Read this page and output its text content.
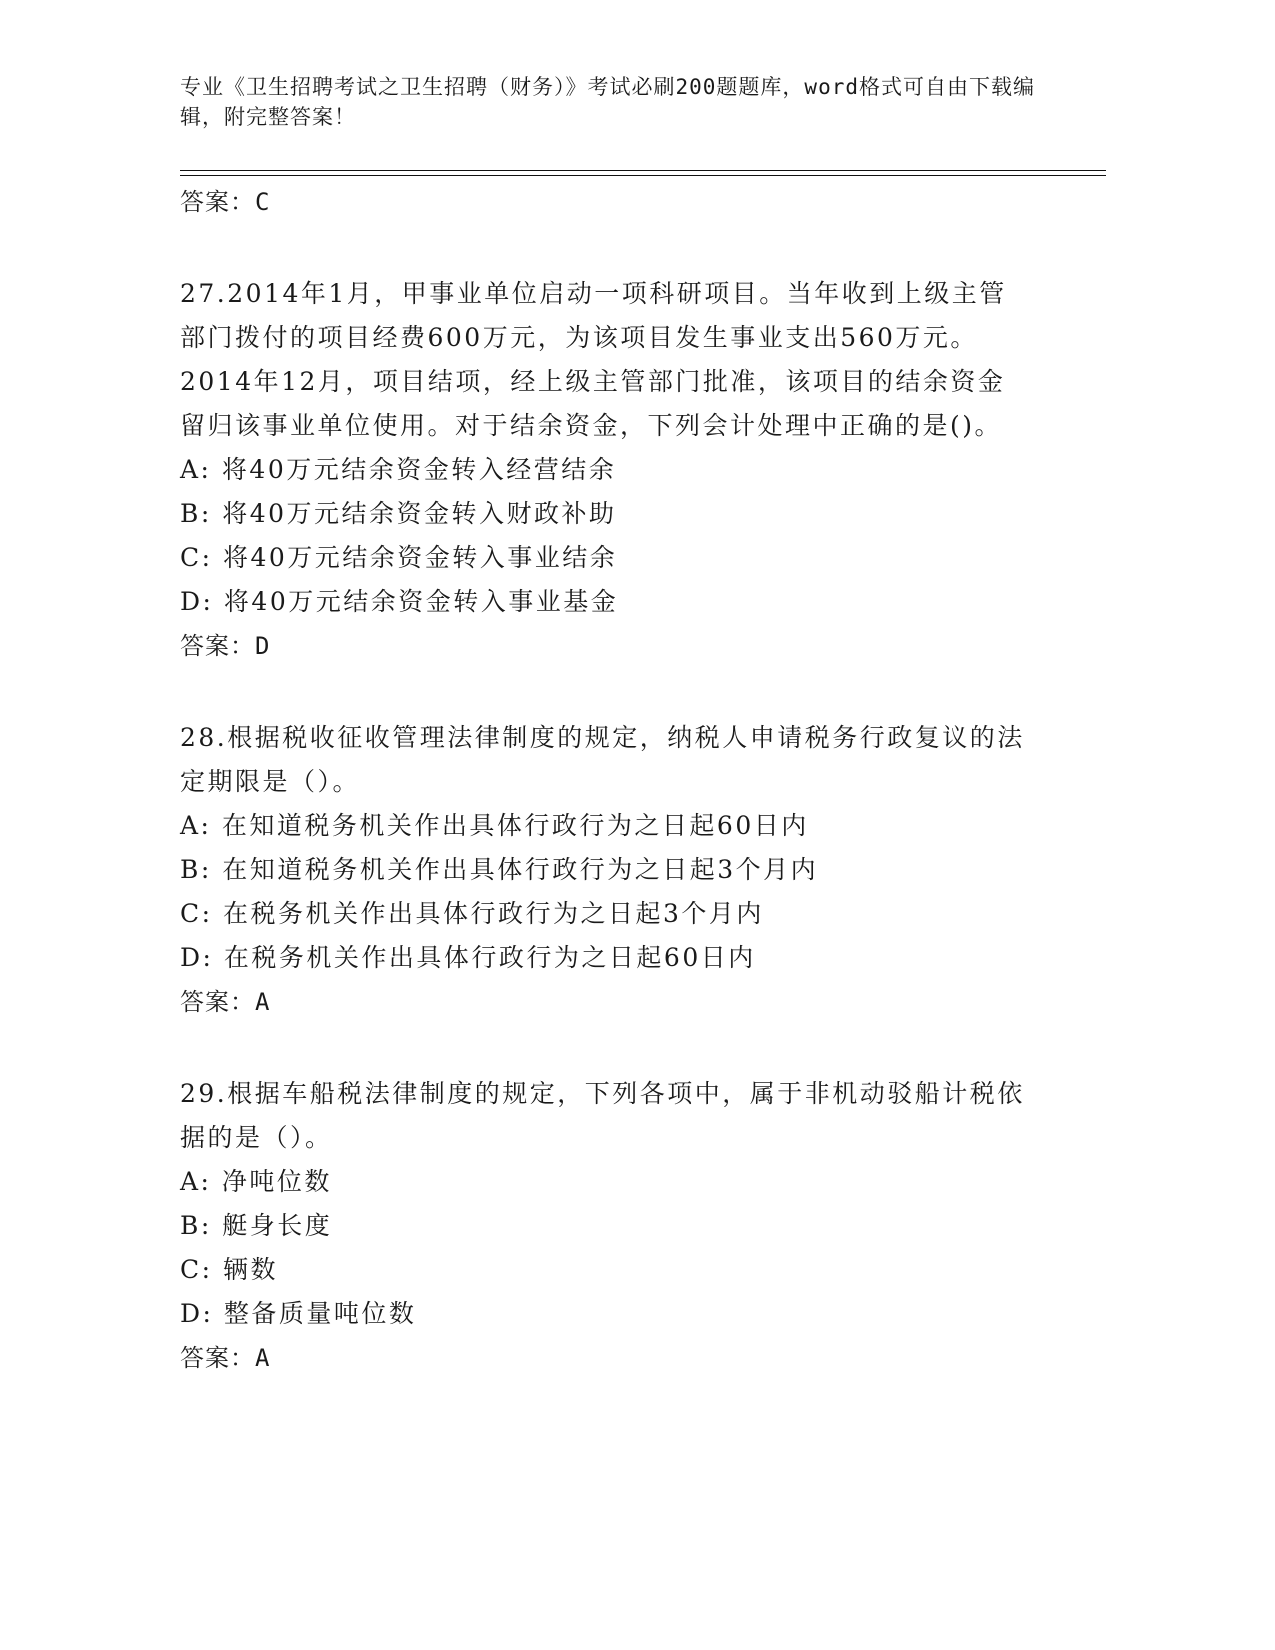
专业《卫生招聘考试之卫生招聘（财务）》考试必刷200题题库，word格式可自由下载编辑，附完整答案！
答案：C
27.2014年1月，甲事业单位启动一项科研项目。当年收到上级主管部门拨付的项目经费600万元，为该项目发生事业支出560万元。2014年12月，项目结项，经上级主管部门批准，该项目的结余资金留归该事业单位使用。对于结余资金，下列会计处理中正确的是()。
A: 将40万元结余资金转入经营结余
B: 将40万元结余资金转入财政补助
C: 将40万元结余资金转入事业结余
D: 将40万元结余资金转入事业基金
答案：D
28.根据税收征收管理法律制度的规定，纳税人申请税务行政复议的法定期限是（）。
A: 在知道税务机关作出具体行政行为之日起60日内
B: 在知道税务机关作出具体行政行为之日起3个月内
C: 在税务机关作出具体行政行为之日起3个月内
D: 在税务机关作出具体行政行为之日起60日内
答案：A
29.根据车船税法律制度的规定，下列各项中，属于非机动驳船计税依据的是（）。
A: 净吨位数
B: 艇身长度
C: 辆数
D: 整备质量吨位数
答案：A
